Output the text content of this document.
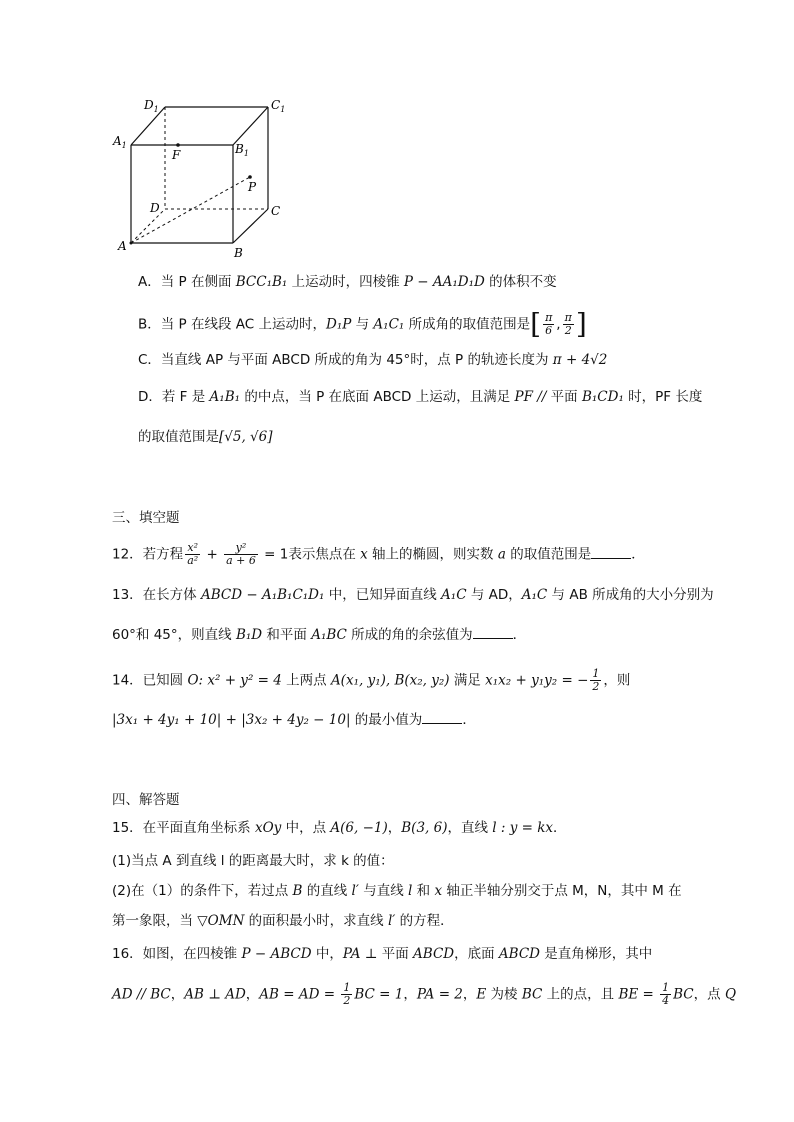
$D_1$	$C_1$
$A_1$	$B_1$
F
P
D	C
A	B
A．当 P 在侧面 BCC₁B₁ 上运动时，四棱锥 P − AA₁D₁D 的体积不变
B．当 P 在线段 AC 上运动时，D₁P 与 A₁C₁ 所成角的取值范围是[ $\frac{\pi}{6}$ , $\frac{\pi}{2}$ ]
C．当直线 AP 与平面 ABCD 所成的角为 45°时，点 P 的轨迹长度为 π + 4√2
D．若 F 是 A₁B₁ 的中点，当 P 在底面 ABCD 上运动，且满足 PF // 平面 B₁CD₁ 时，PF 长度
的取值范围是[√5, √6]
三、填空题
12．若方程 $\frac{\text{x²}}{\text{a²}} + \frac{\text{y²}}{a + 6} = 1$表示焦点在 x 轴上的椭圆，则实数 a 的取值范围是	．
13．在长方体 ABCD − A₁B₁C₁D₁ 中，已知异面直线 A₁C 与 AD，A₁C 与 AB 所成角的大小分别为
60°和 45°，则直线 B₁D 和平面 A₁BC 所成的角的余弦值为	．
14．已知圆 O: x² + y² = 4 上两点 A(x₁, y₁), B(x₂, y₂) 满足 x₁x₂ + y₁y₂ = − $\frac{1}{2}$ ，则
|3x₁ + 4y₁ + 10| + |3x₂ + 4y₂ − 10| 的最小值为	．
四、解答题
15．在平面直角坐标系 xOy 中，点 A(6, −1)，B(3, 6)，直线 l : y = kx．
(1)当点 A 到直线 l 的距离最大时，求 k 的值：
(2)在（1）的条件下，若过点 B 的直线 l′ 与直线 l 和 x 轴正半轴分别交于点 M，N，其中 M 在
第一象限，当 ▽OMN 的面积最小时，求直线 l′ 的方程．
16．如图，在四棱锥 P − ABCD 中，PA ⊥ 平面 ABCD，底面 ABCD 是直角梯形，其中
AD // BC，AB ⊥ AD，AB = AD = $\frac{1}{2}$ BC = 1，PA = 2，E 为棱 BC 上的点，且 BE = $\frac{1}{4}$ BC，点 Q
